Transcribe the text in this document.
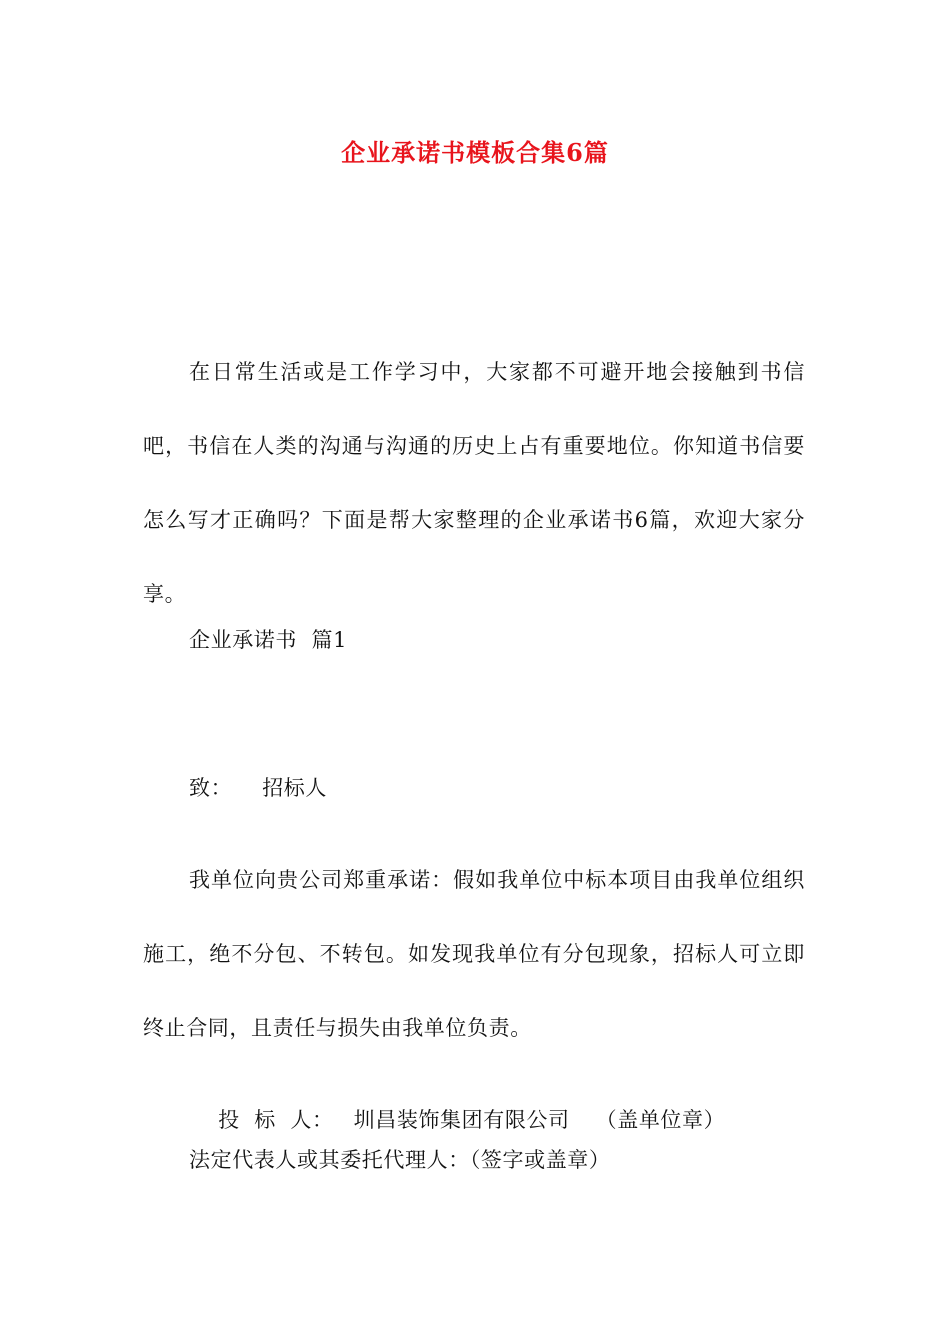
企业承诺书模板合集6篇

在日常生活或是工作学习中，大家都不可避开地会接触到书信吧，书信在人类的沟通与沟通的历史上占有重要地位。你知道书信要怎么写才正确吗？下面是帮大家整理的企业承诺书6篇，欢迎大家分享。

企业承诺书  篇1

致： 招标人

我单位向贵公司郑重承诺：假如我单位中标本项目由我单位组织施工，绝不分包、不转包。如发现我单位有分包现象，招标人可立即终止合同，且责任与损失由我单位负责。

投  标  人： 圳昌装饰集团有限公司 （盖单位章）

法定代表人或其委托代理人：（签字或盖章）
